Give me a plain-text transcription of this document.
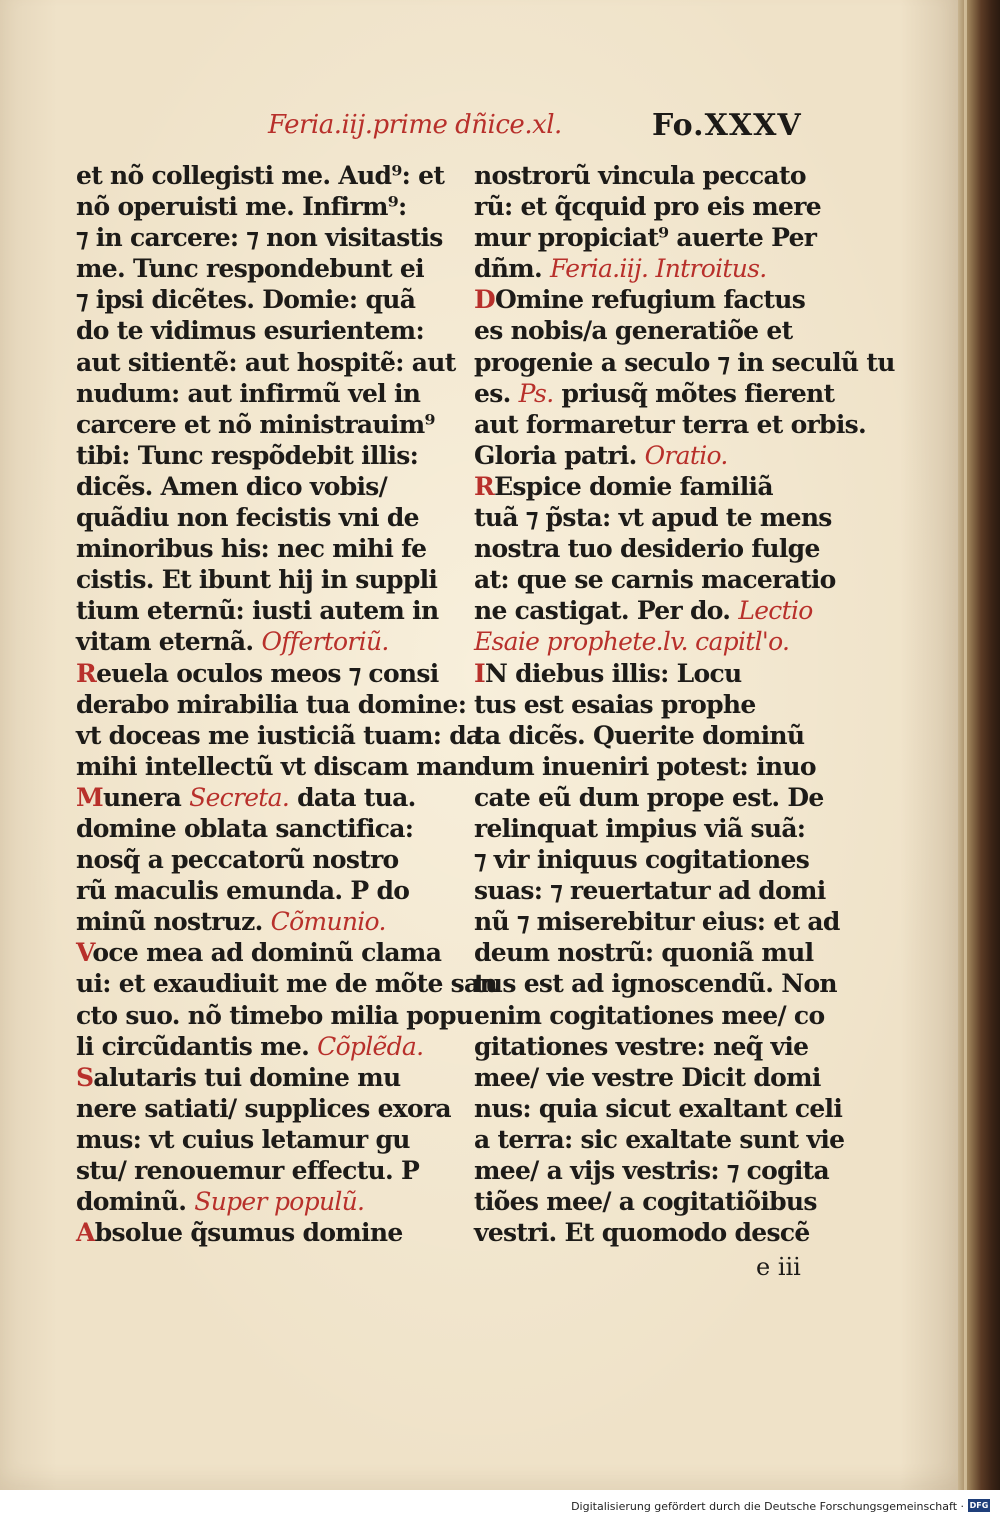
Feria.iij.prime dñice.xl.	Fo.XXXV
et nõ collegisti me. Aud⁹: et
nõ operuisti me. Infirm⁹:
⁊ in carcere: ⁊ non visitastis
me. Tunc respondebunt ei
⁊ ipsi dicẽtes. Domie: quã
do te vidimus esurientem:
aut sitientẽ: aut hospitẽ: aut
nudum: aut infirmũ vel in
carcere et nõ ministrauim⁹
tibi: Tunc respõdebit illis:
dicẽs. Amen dico vobis/
quãdiu non fecistis vni de
minoribus his: nec mihi fe
cistis. Et ibunt hij in suppli
tium eternũ: iusti autem in
vitam eternã. Offertoriũ.
Reuela oculos meos ⁊ consi
derabo mirabilia tua domine:
vt doceas me iusticiã tuam: da
mihi intellectũ vt discam man
Munera Secreta. data tua.
domine oblata sanctifica:
nosq̃ a peccatorũ nostro
rũ maculis emunda. P do
minũ nostruz. Cõmunio.
Voce mea ad dominũ clama
ui: et exaudiuit me de mõte san
cto suo. nõ timebo milia popu
li circũdantis me. Cõplẽda.
Salutaris tui domine mu
nere satiati/ supplices exora
mus: vt cuius letamur gu
stu/ renouemur effectu. P
dominũ. Super populũ.
Absolue q̃sumus domine
nostrorũ vincula peccato
rũ: et q̃cquid pro eis mere
mur propiciat⁹ auerte Per
dñm. Feria.iij. Introitus.
DOmine refugium factus
es nobis/a generatiõe et
progenie a seculo ⁊ in seculũ tu
es. Ps. priusq̃ mõtes fierent
aut formaretur terra et orbis.
Gloria patri. Oratio.
REspice domie familiã
tuã ⁊ p̃sta: vt apud te mens
nostra tuo desiderio fulge
at: que se carnis maceratio
ne castigat. Per do. Lectio
Esaie prophete.lv. capitl'o.
IN diebus illis: Locu
tus est esaias prophe
ta dicẽs. Querite dominũ
dum inueniri potest: inuo
cate eũ dum prope est. De
relinquat impius viã suã:
⁊ vir iniquus cogitationes
suas: ⁊ reuertatur ad domi
nũ ⁊ miserebitur eius: et ad
deum nostrũ: quoniã mul
tus est ad ignoscendũ. Non
enim cogitationes mee/ co
gitationes vestre: neq̃ vie
mee/ vie vestre Dicit domi
nus: quia sicut exaltant celi
a terra: sic exaltate sunt vie
mee/ a vijs vestris: ⁊ cogita
tiões mee/ a cogitatiõibus
vestri. Et quomodo descẽ
e iii
Digitalisierung gefördert durch die Deutsche Forschungsgemeinschaft · DFG
